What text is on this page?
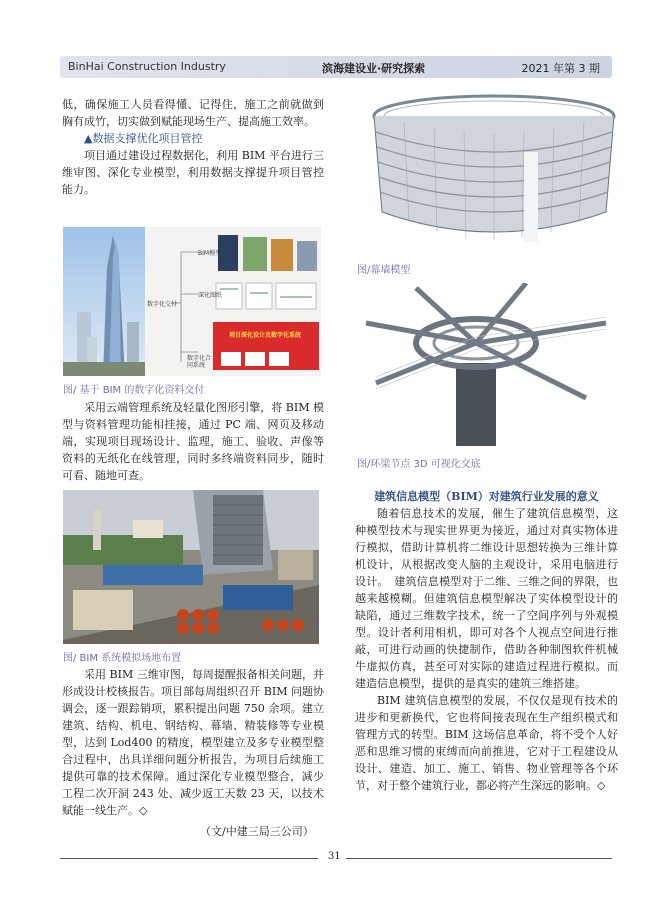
BinHai Construction Industry	滨海建设业·研究探索	2021 年第 3 期

低，确保施工人员看得懂、记得住，施工之前就做到胸有成竹，切实做到赋能现场生产、提高施工效率。

▲数据支撑优化项目管控

项目通过建设过程数据化，利用 BIM 平台进行三维审图、深化专业模型，利用数据支撑提升项目管控能力。

数字化交付
BIM模型
深化图纸
数字化合同系统
项目深化设计及数字化系统
图/ 基于 BIM 的数字化资料交付

采用云端管理系统及轻量化图形引擎，将 BIM 模型与资料管理功能相挂接，通过 PC 端、网页及移动端，实现项目现场设计、监理，施工、验收、声像等资料的无纸化在线管理，同时多终端资料同步，随时可看、随地可查。

图/ BIM 系统模拟场地布置

采用 BIM 三维审图，每周提醒报备相关问题，并形成设计校核报告。项目部每周组织召开 BIM 问题协调会，逐一跟踪销项，累积提出问题 750 余项。建立建筑、结构、机电、钢结构、幕墙、精装修等专业模型，达到 Lod400 的精度，模型建立及多专业模型整合过程中，出具详细问题分析报告，为项目后续施工提供可靠的技术保障。通过深化专业模型整合，减少工程二次开洞 243 处、减少返工天数 23 天，以技术赋能一线生产。◇

（文/中建三局三公司）
图/幕墙模型
图/环梁节点 3D 可视化交底

建筑信息模型（BIM）对建筑行业发展的意义

随着信息技术的发展，催生了建筑信息模型，这种模型技术与现实世界更为接近，通过对真实物体进行模拟，借助计算机将二维设计思想转换为三维计算机设计，从根据改变人脑的主观设计，采用电脑进行设计。　建筑信息模型对于二维、三维之间的界限，也越来越模糊。但建筑信息模型解决了实体模型设计的缺陷，通过三维数字技术，统一了空间序列与外观模型。设计者利用相机，即可对各个人视点空间进行推敲，可进行动画的快捷制作，借助各种制图软件机械牛虚拟仿真，甚至可对实际的建造过程进行模拟。而建造信息模型，提供的是真实的建筑三维搭建。

BIM 建筑信息模型的发展，不仅仅是现有技术的进步和更新换代，它也将间接表现在生产组织模式和管理方式的转型。BIM 这场信息革命，将不受个人好恶和思维习惯的束缚而向前推进，它对于工程建设从设计、建造、加工、施工、销售、物业管理等各个环节，对于整个建筑行业，都必将产生深远的影响。◇

31
